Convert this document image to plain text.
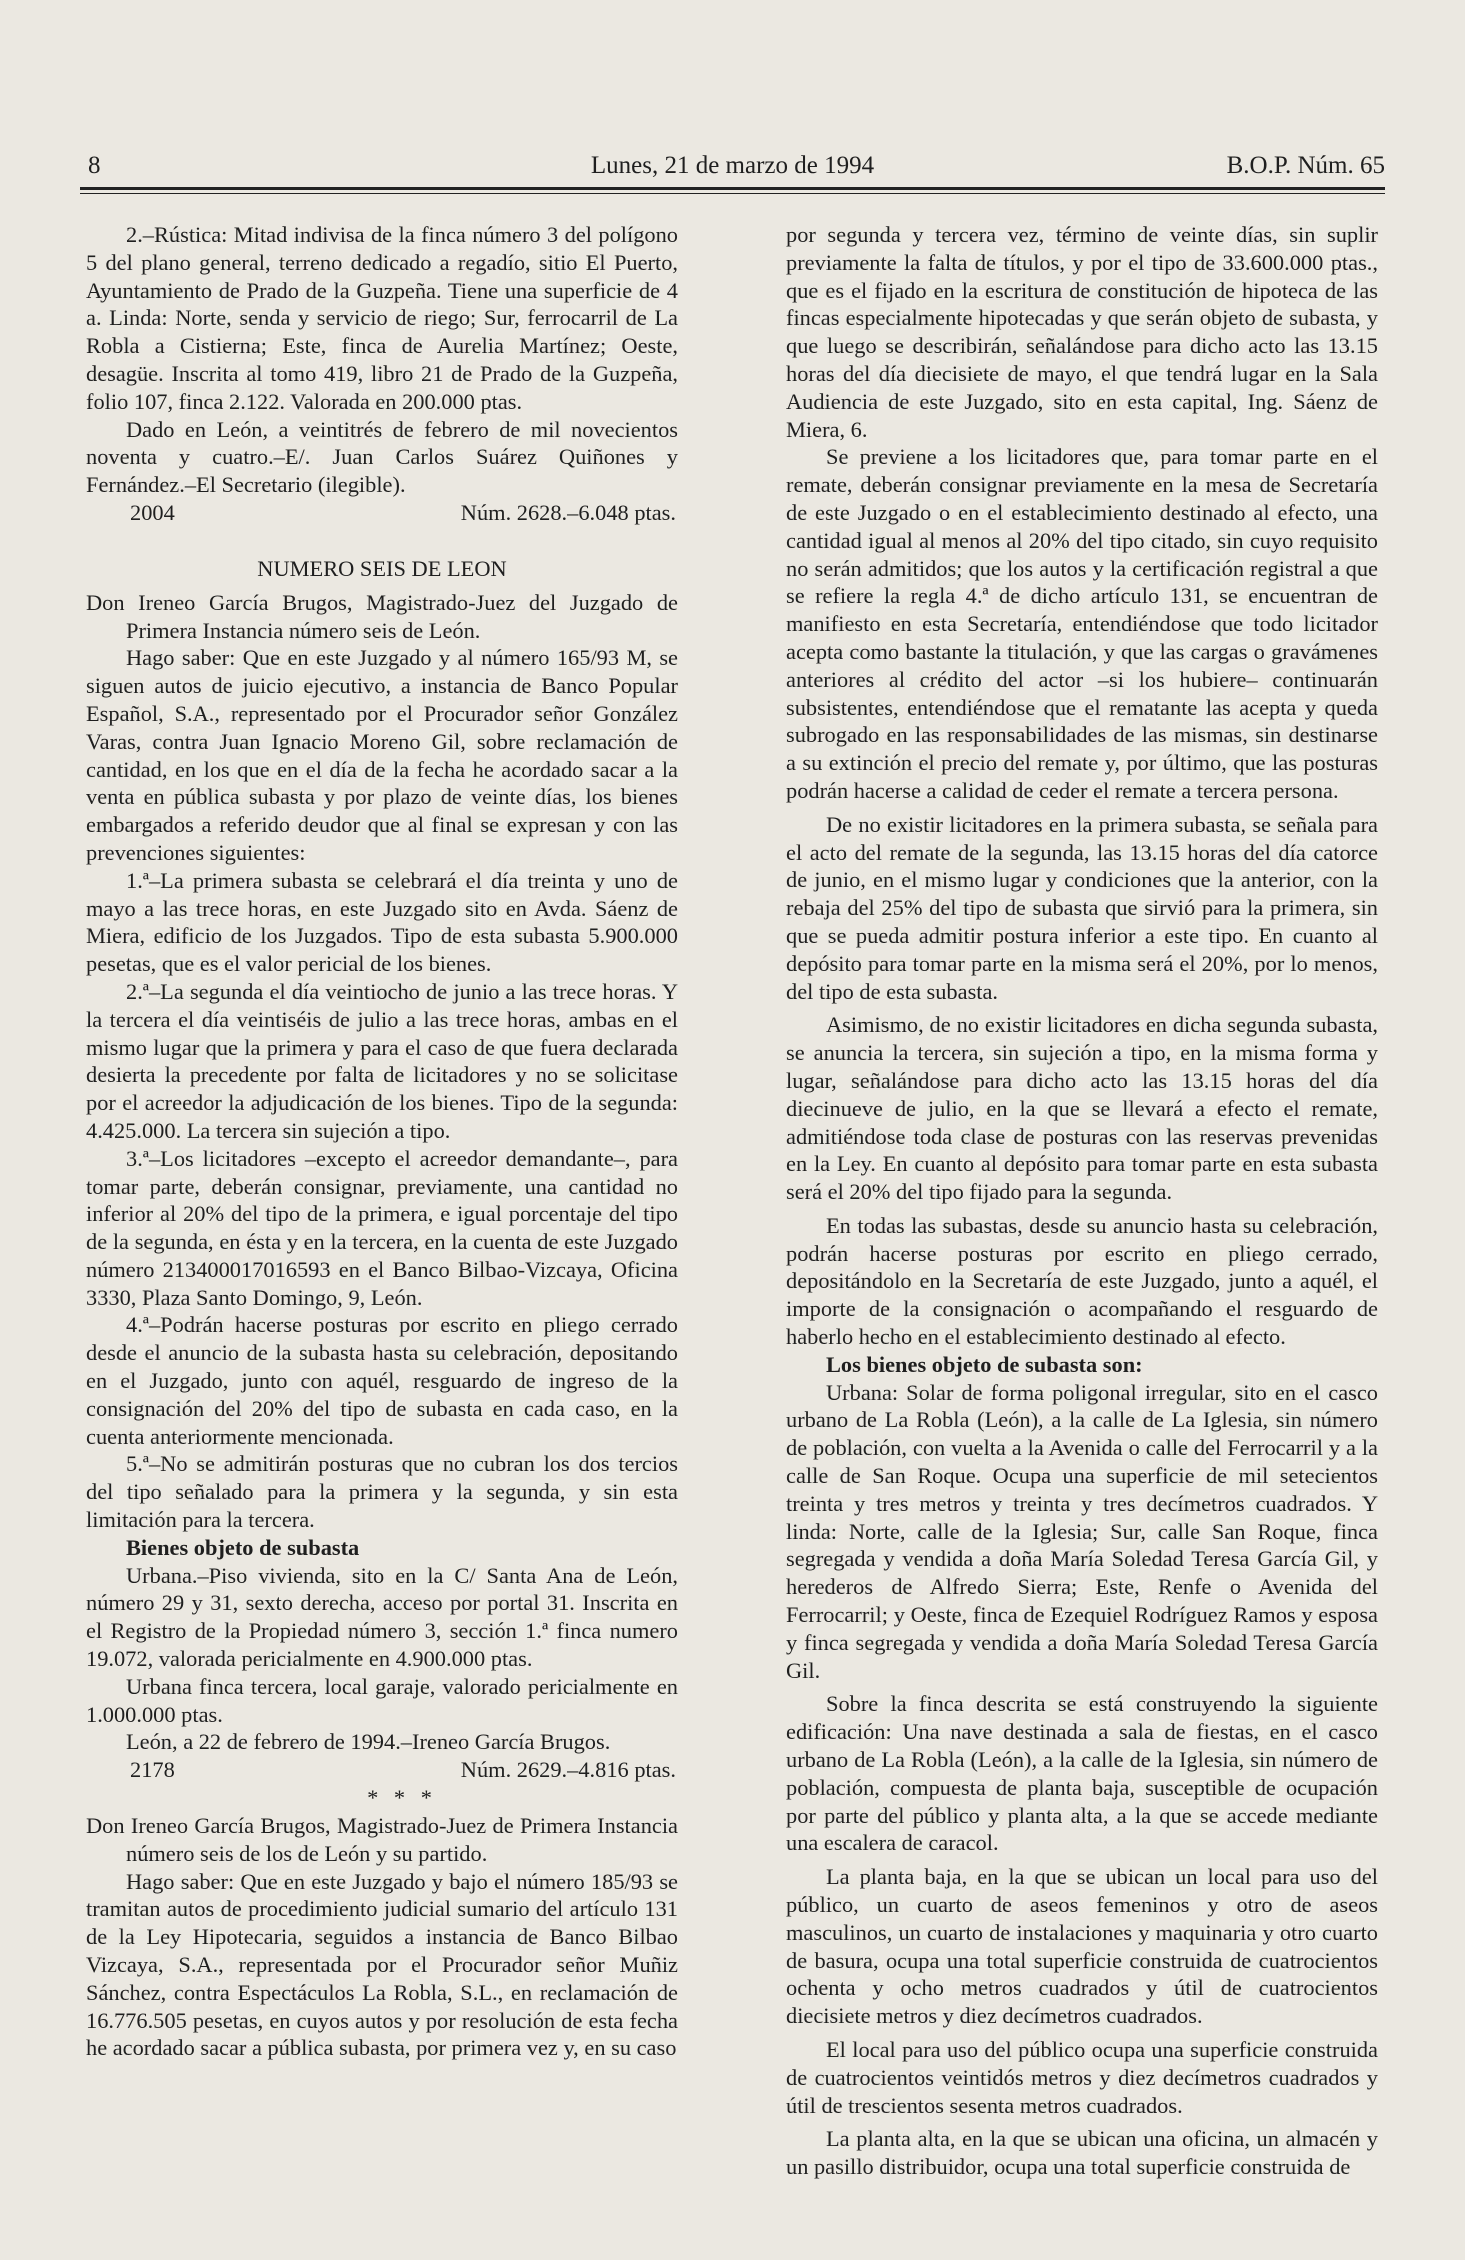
8	Lunes, 21 de marzo de 1994	B.O.P. Núm. 65

2.–Rústica: Mitad indivisa de la finca número 3 del polígono 5 del plano general, terreno dedicado a regadío, sitio El Puerto, Ayuntamiento de Prado de la Guzpeña. Tiene una superficie de 4 a. Linda: Norte, senda y servicio de riego; Sur, ferrocarril de La Robla a Cistierna; Este, finca de Aurelia Martínez; Oeste, desagüe. Inscrita al tomo 419, libro 21 de Prado de la Guzpeña, folio 107, finca 2.122. Valorada en 200.000 ptas.

Dado en León, a veintitrés de febrero de mil novecientos noventa y cuatro.–E/. Juan Carlos Suárez Quiñones y Fernández.–El Secretario (ilegible).

2004	Núm. 2628.–6.048 ptas.

NUMERO SEIS DE LEON

Don Ireneo García Brugos, Magistrado-Juez del Juzgado de Primera Instancia número seis de León.

Hago saber: Que en este Juzgado y al número 165/93 M, se siguen autos de juicio ejecutivo, a instancia de Banco Popular Español, S.A., representado por el Procurador señor González Varas, contra Juan Ignacio Moreno Gil, sobre reclamación de cantidad, en los que en el día de la fecha he acordado sacar a la venta en pública subasta y por plazo de veinte días, los bienes embargados a referido deudor que al final se expresan y con las prevenciones siguientes:

1.ª–La primera subasta se celebrará el día treinta y uno de mayo a las trece horas, en este Juzgado sito en Avda. Sáenz de Miera, edificio de los Juzgados. Tipo de esta subasta 5.900.000 pesetas, que es el valor pericial de los bienes.

2.ª–La segunda el día veintiocho de junio a las trece horas. Y la tercera el día veintiséis de julio a las trece horas, ambas en el mismo lugar que la primera y para el caso de que fuera declarada desierta la precedente por falta de licitadores y no se solicitase por el acreedor la adjudicación de los bienes. Tipo de la segunda: 4.425.000. La tercera sin sujeción a tipo.

3.ª–Los licitadores –excepto el acreedor demandante–, para tomar parte, deberán consignar, previamente, una cantidad no inferior al 20% del tipo de la primera, e igual porcentaje del tipo de la segunda, en ésta y en la tercera, en la cuenta de este Juzgado número 213400017016593 en el Banco Bilbao-Vizcaya, Oficina 3330, Plaza Santo Domingo, 9, León.

4.ª–Podrán hacerse posturas por escrito en pliego cerrado desde el anuncio de la subasta hasta su celebración, depositando en el Juzgado, junto con aquél, resguardo de ingreso de la consignación del 20% del tipo de subasta en cada caso, en la cuenta anteriormente mencionada.

5.ª–No se admitirán posturas que no cubran los dos tercios del tipo señalado para la primera y la segunda, y sin esta limitación para la tercera.

Bienes objeto de subasta

Urbana.–Piso vivienda, sito en la C/ Santa Ana de León, número 29 y 31, sexto derecha, acceso por portal 31. Inscrita en el Registro de la Propiedad número 3, sección 1.ª finca numero 19.072, valorada pericialmente en 4.900.000 ptas.

Urbana finca tercera, local garaje, valorado pericialmente en 1.000.000 ptas.

León, a 22 de febrero de 1994.–Ireneo García Brugos.

2178	Núm. 2629.–4.816 ptas.

* * *

Don Ireneo García Brugos, Magistrado-Juez de Primera Instancia número seis de los de León y su partido.

Hago saber: Que en este Juzgado y bajo el número 185/93 se tramitan autos de procedimiento judicial sumario del artículo 131 de la Ley Hipotecaria, seguidos a instancia de Banco Bilbao Vizcaya, S.A., representada por el Procurador señor Muñiz Sánchez, contra Espectáculos La Robla, S.L., en reclamación de 16.776.505 pesetas, en cuyos autos y por resolución de esta fecha he acordado sacar a pública subasta, por primera vez y, en su caso

por segunda y tercera vez, término de veinte días, sin suplir previamente la falta de títulos, y por el tipo de 33.600.000 ptas., que es el fijado en la escritura de constitución de hipoteca de las fincas especialmente hipotecadas y que serán objeto de subasta, y que luego se describirán, señalándose para dicho acto las 13.15 horas del día diecisiete de mayo, el que tendrá lugar en la Sala Audiencia de este Juzgado, sito en esta capital, Ing. Sáenz de Miera, 6.

Se previene a los licitadores que, para tomar parte en el remate, deberán consignar previamente en la mesa de Secretaría de este Juzgado o en el establecimiento destinado al efecto, una cantidad igual al menos al 20% del tipo citado, sin cuyo requisito no serán admitidos; que los autos y la certificación registral a que se refiere la regla 4.ª de dicho artículo 131, se encuentran de manifiesto en esta Secretaría, entendiéndose que todo licitador acepta como bastante la titulación, y que las cargas o gravámenes anteriores al crédito del actor –si los hubiere– continuarán subsistentes, entendiéndose que el rematante las acepta y queda subrogado en las responsabilidades de las mismas, sin destinarse a su extinción el precio del remate y, por último, que las posturas podrán hacerse a calidad de ceder el remate a tercera persona.

De no existir licitadores en la primera subasta, se señala para el acto del remate de la segunda, las 13.15 horas del día catorce de junio, en el mismo lugar y condiciones que la anterior, con la rebaja del 25% del tipo de subasta que sirvió para la primera, sin que se pueda admitir postura inferior a este tipo. En cuanto al depósito para tomar parte en la misma será el 20%, por lo menos, del tipo de esta subasta.

Asimismo, de no existir licitadores en dicha segunda subasta, se anuncia la tercera, sin sujeción a tipo, en la misma forma y lugar, señalándose para dicho acto las 13.15 horas del día diecinueve de julio, en la que se llevará a efecto el remate, admitiéndose toda clase de posturas con las reservas prevenidas en la Ley. En cuanto al depósito para tomar parte en esta subasta será el 20% del tipo fijado para la segunda.

En todas las subastas, desde su anuncio hasta su celebración, podrán hacerse posturas por escrito en pliego cerrado, depositándolo en la Secretaría de este Juzgado, junto a aquél, el importe de la consignación o acompañando el resguardo de haberlo hecho en el establecimiento destinado al efecto.

Los bienes objeto de subasta son:

Urbana: Solar de forma poligonal irregular, sito en el casco urbano de La Robla (León), a la calle de La Iglesia, sin número de población, con vuelta a la Avenida o calle del Ferrocarril y a la calle de San Roque. Ocupa una superficie de mil setecientos treinta y tres metros y treinta y tres decímetros cuadrados. Y linda: Norte, calle de la Iglesia; Sur, calle San Roque, finca segregada y vendida a doña María Soledad Teresa García Gil, y herederos de Alfredo Sierra; Este, Renfe o Avenida del Ferrocarril; y Oeste, finca de Ezequiel Rodríguez Ramos y esposa y finca segregada y vendida a doña María Soledad Teresa García Gil.

Sobre la finca descrita se está construyendo la siguiente edificación: Una nave destinada a sala de fiestas, en el casco urbano de La Robla (León), a la calle de la Iglesia, sin número de población, compuesta de planta baja, susceptible de ocupación por parte del público y planta alta, a la que se accede mediante una escalera de caracol.

La planta baja, en la que se ubican un local para uso del público, un cuarto de aseos femeninos y otro de aseos masculinos, un cuarto de instalaciones y maquinaria y otro cuarto de basura, ocupa una total superficie construida de cuatrocientos ochenta y ocho metros cuadrados y útil de cuatrocientos diecisiete metros y diez decímetros cuadrados.

El local para uso del público ocupa una superficie construida de cuatrocientos veintidós metros y diez decímetros cuadrados y útil de trescientos sesenta metros cuadrados.

La planta alta, en la que se ubican una oficina, un almacén y un pasillo distribuidor, ocupa una total superficie construida de
